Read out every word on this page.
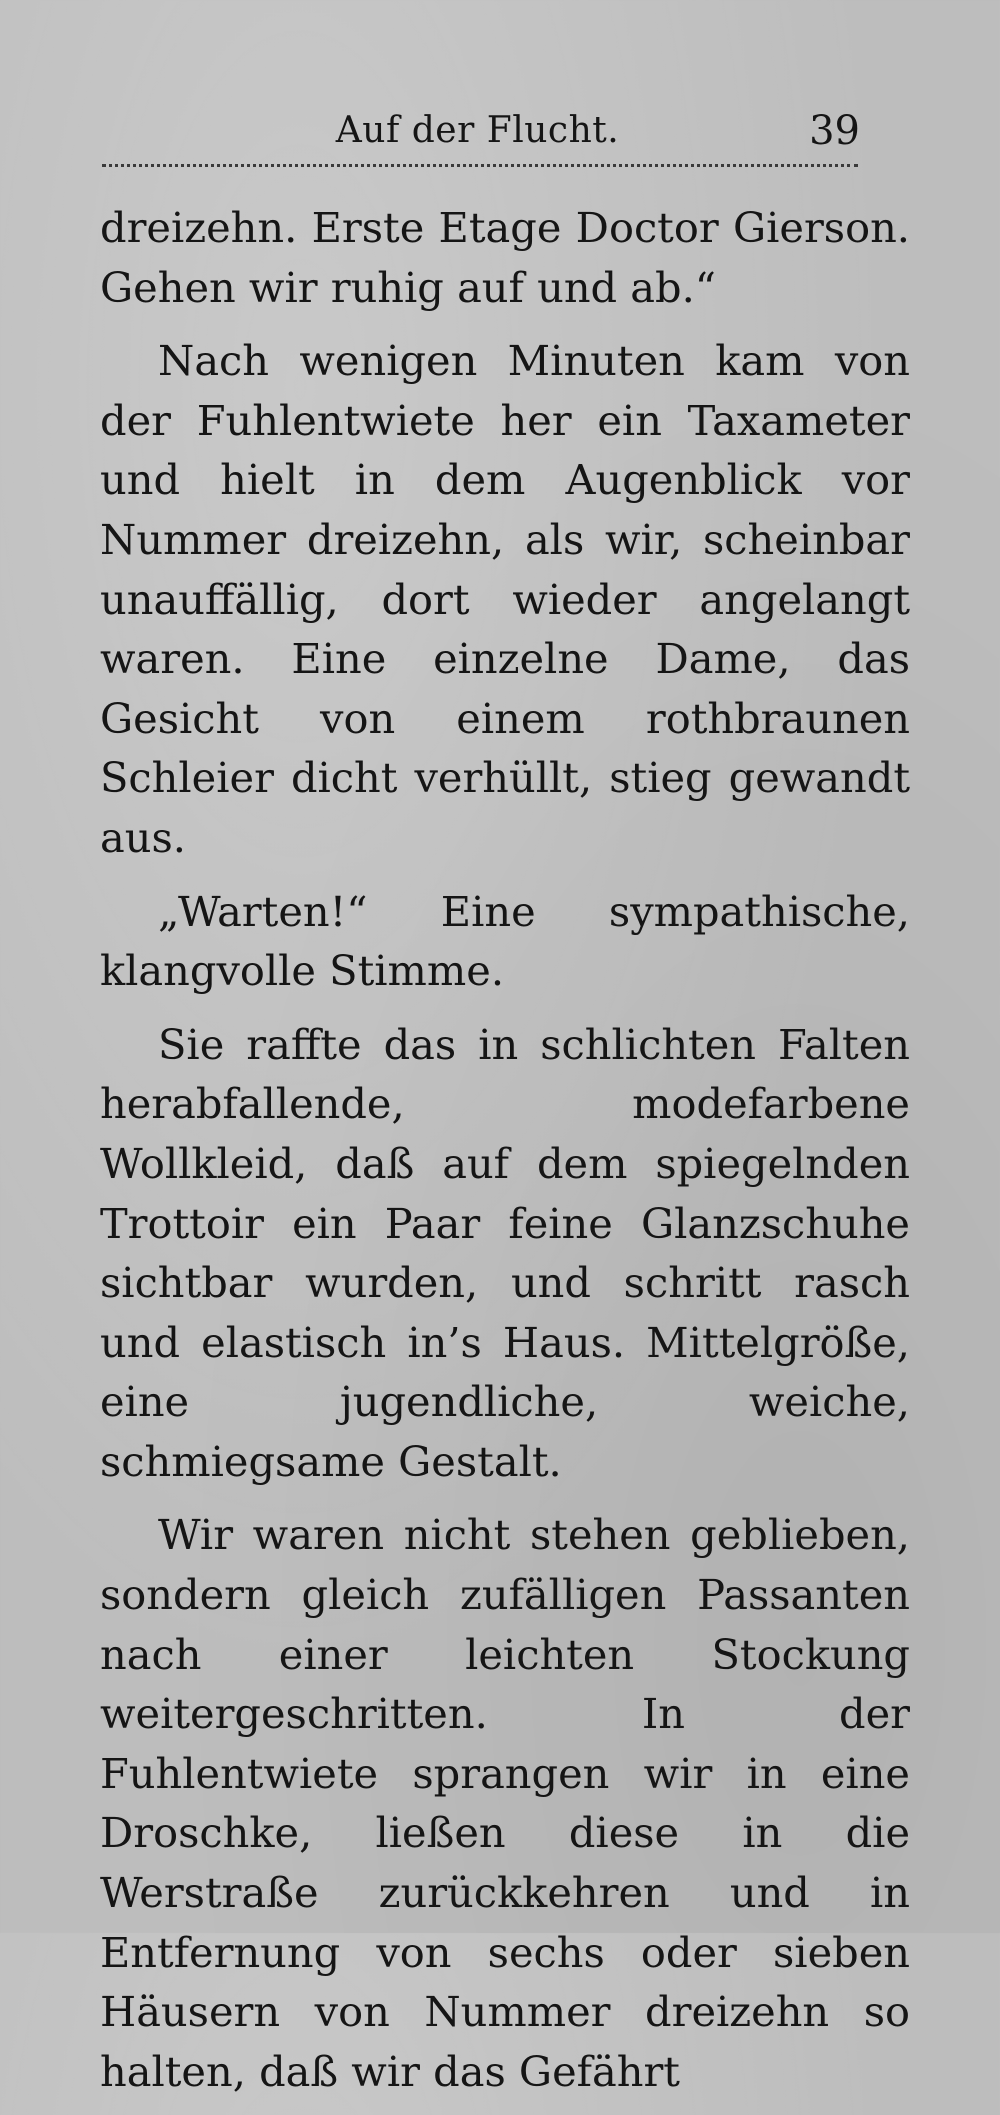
Auf der Flucht.	39

dreizehn. Erste Etage Doctor Gierson. Gehen wir ruhig auf und ab.“

Nach wenigen Minuten kam von der Fuhlentwiete her ein Taxameter und hielt in dem Augenblick vor Nummer dreizehn, als wir, scheinbar unauffällig, dort wieder angelangt waren. Eine einzelne Dame, das Gesicht von einem rothbraunen Schleier dicht verhüllt, stieg gewandt aus.

„Warten!“ Eine sympathische, klangvolle Stimme.

Sie raffte das in schlichten Falten herabfallende, modefarbene Wollkleid, daß auf dem spiegelnden Trottoir ein Paar feine Glanzschuhe sichtbar wurden, und schritt rasch und elastisch in’s Haus. Mittelgröße, eine jugendliche, weiche, schmiegsame Gestalt.

Wir waren nicht stehen geblieben, sondern gleich zufälligen Passanten nach einer leichten Stockung weitergeschritten. In der Fuhlentwiete sprangen wir in eine Droschke, ließen diese in die Werstraße zurückkehren und in Entfernung von sechs oder sieben Häusern von Nummer dreizehn so halten, daß wir das Gefährt
